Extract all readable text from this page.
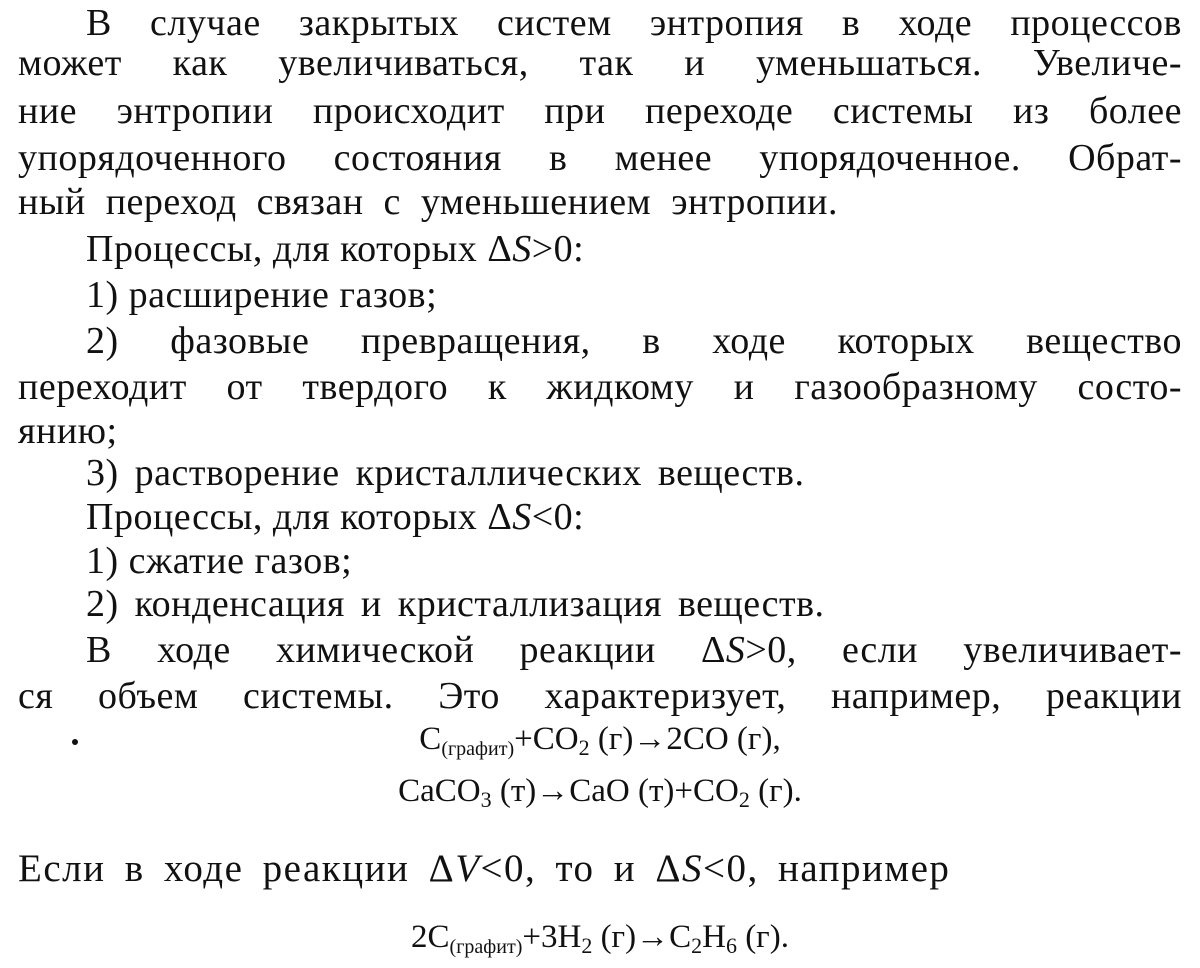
В случае закрытых систем энтропия в ходе процессов
может как увеличиваться, так и уменьшаться. Увеличе-
ние энтропии происходит при переходе системы из более
упорядоченного состояния в менее упорядоченное. Обрат-
ный переход связан с уменьшением энтропии.
Процессы, для которых ΔS>0:
1) расширение газов;
2) фазовые превращения, в ходе которых вещество
переходит от твердого к жидкому и газообразному состо-
янию;
3) растворение кристаллических веществ.
Процессы, для которых ΔS<0:
1) сжатие газов;
2) конденсация и кристаллизация веществ.
В ходе химической реакции ΔS>0, если увеличивает-
ся объем системы. Это характеризует, например, реакции
$C_{(графит)}+CO2$ (г)→2CO (г),
CaCO3 (т)→CaO (т)+CO2 (г).
Если в ходе реакции ΔV<0, то и ΔS<0, например
$2C_{(графит)}+3H2$ (г)→C2H6 (г).
